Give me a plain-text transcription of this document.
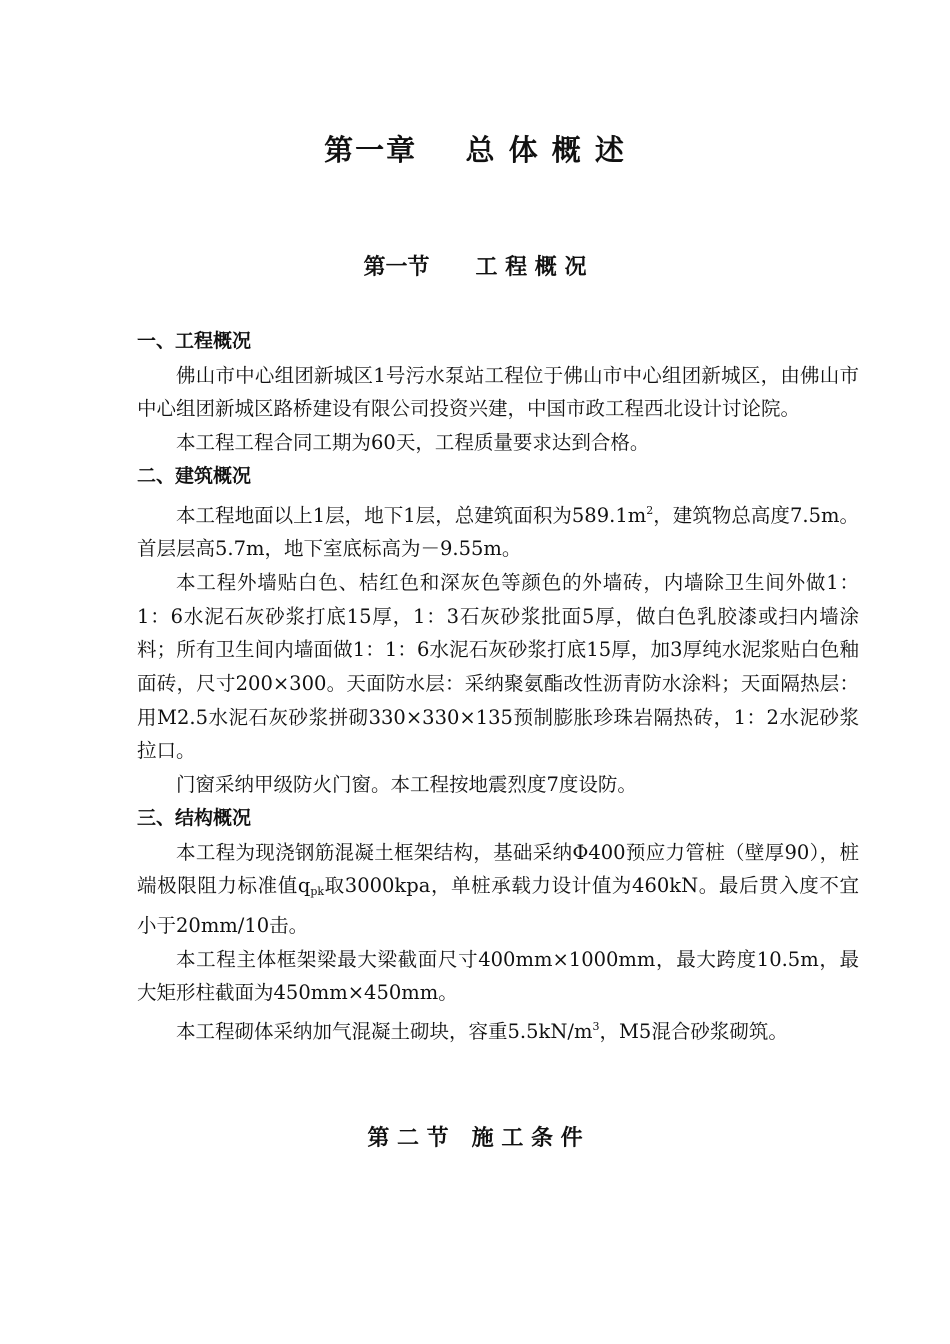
第一章    总 体 概 述
第一节      工 程 概 况

一、工程概况

佛山市中心组团新城区1号污水泵站工程位于佛山市中心组团新城区，由佛山市中心组团新城区路桥建设有限公司投资兴建，中国市政工程西北设计讨论院。

本工程工程合同工期为60天，工程质量要求达到合格。

二、建筑概况

本工程地面以上1层，地下1层，总建筑面积为$589.1m^2$，建筑物总高度7.5m。首层层高5.7m，地下室底标高为－9.55m。

本工程外墙贴白色、桔红色和深灰色等颜色的外墙砖，内墙除卫生间外做1：1：6水泥石灰砂浆打底15厚，1：3石灰砂浆批面5厚，做白色乳胶漆或扫内墙涂料；所有卫生间内墙面做1：1：6水泥石灰砂浆打底15厚，加3厚纯水泥浆贴白色釉面砖，尺寸200×300。天面防水层：采纳聚氨酯改性沥青防水涂料；天面隔热层：用M2.5水泥石灰砂浆拼砌330×330×135预制膨胀珍珠岩隔热砖，1：2水泥砂浆拉口。

门窗采纳甲级防火门窗。本工程按地震烈度7度设防。

三、结构概况

本工程为现浇钢筋混凝土框架结构，基础采纳Φ400预应力管桩（壁厚90），桩端极限阻力标准值$q_{pk}$取3000kpa，单桩承载力设计值为460kN。最后贯入度不宜小于20mm/10击。

本工程主体框架梁最大梁截面尺寸400mm×1000mm，最大跨度10.5m，最大矩形柱截面为450mm×450mm。

本工程砌体采纳加气混凝土砌块，容重$5.5kN/m^3$，M5混合砂浆砌筑。

第 二 节   施 工 条 件
